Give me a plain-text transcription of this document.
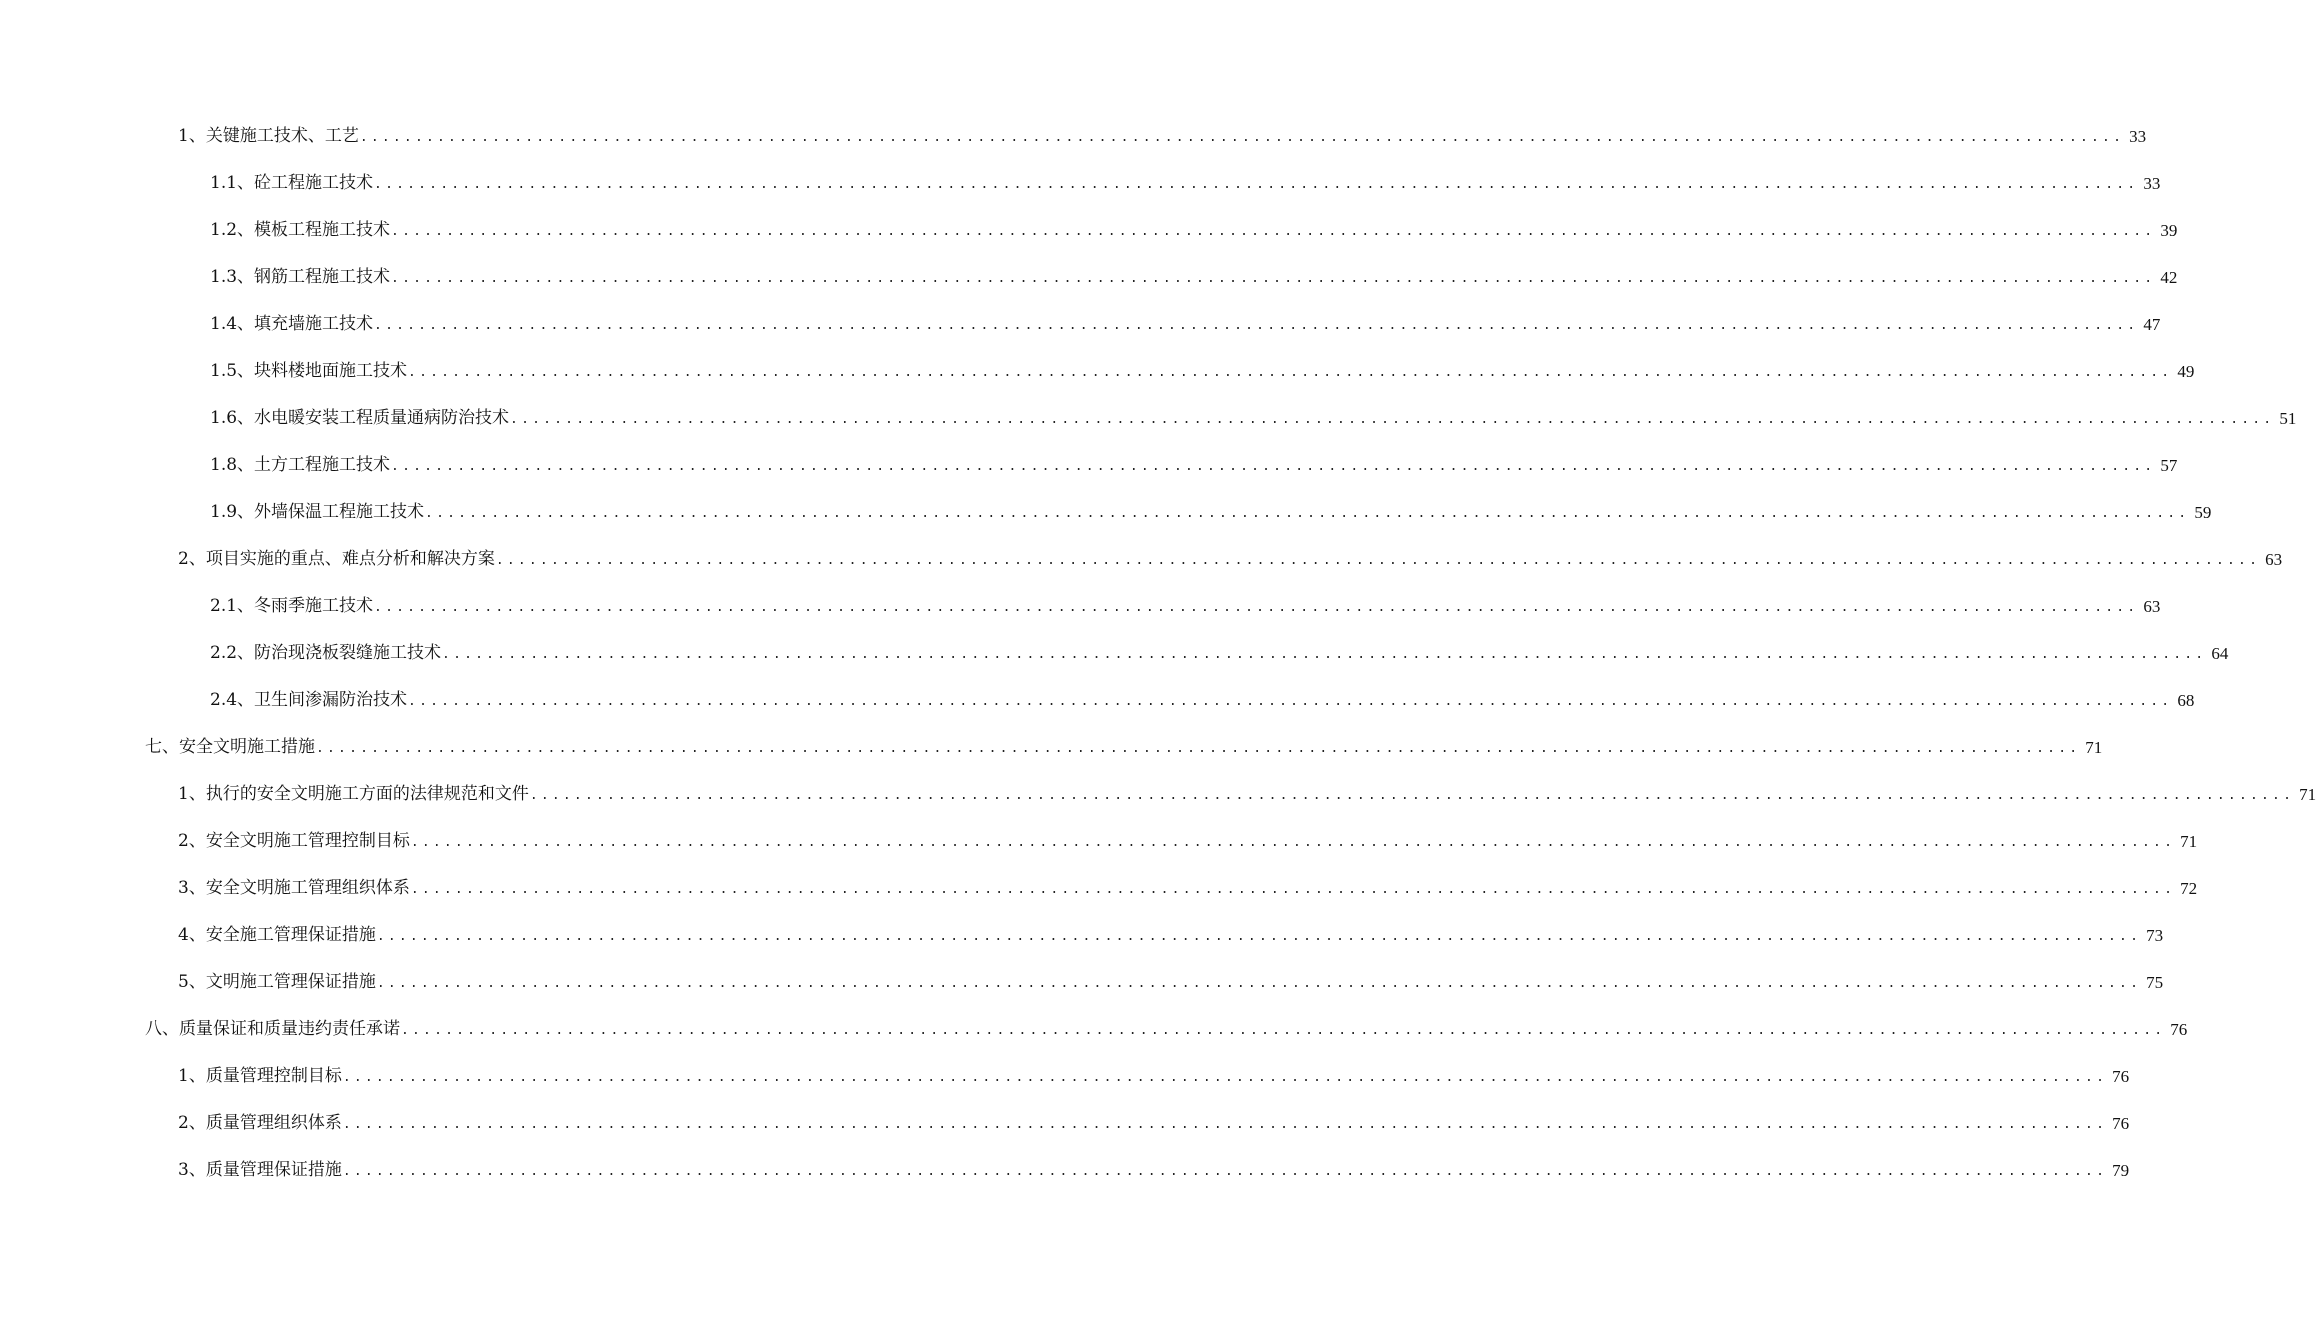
1、关键施工技术、工艺 ................................................................................................................................................................ 33
1.1、砼工程施工技术 ................................................................................................................................................................ 33
1.2、模板工程施工技术 ................................................................................................................................................................ 39
1.3、钢筋工程施工技术 ................................................................................................................................................................ 42
1.4、填充墙施工技术 ................................................................................................................................................................ 47
1.5、块料楼地面施工技术 ................................................................................................................................................................ 49
1.6、水电暖安装工程质量通病防治技术 ................................................................................................................................................................ 51
1.8、土方工程施工技术 ................................................................................................................................................................ 57
1.9、外墙保温工程施工技术 ................................................................................................................................................................ 59
2、项目实施的重点、难点分析和解决方案 ................................................................................................................................................................ 63
2.1、冬雨季施工技术 ................................................................................................................................................................ 63
2.2、防治现浇板裂缝施工技术 ................................................................................................................................................................ 64
2.4、卫生间渗漏防治技术 ................................................................................................................................................................ 68
七、安全文明施工措施 ................................................................................................................................................................ 71
1、执行的安全文明施工方面的法律规范和文件 ................................................................................................................................................................ 71
2、安全文明施工管理控制目标 ................................................................................................................................................................ 71
3、安全文明施工管理组织体系 ................................................................................................................................................................ 72
4、安全施工管理保证措施 ................................................................................................................................................................ 73
5、文明施工管理保证措施 ................................................................................................................................................................ 75
八、质量保证和质量违约责任承诺 ................................................................................................................................................................ 76
1、质量管理控制目标 ................................................................................................................................................................ 76
2、质量管理组织体系 ................................................................................................................................................................ 76
3、质量管理保证措施 ................................................................................................................................................................ 79
